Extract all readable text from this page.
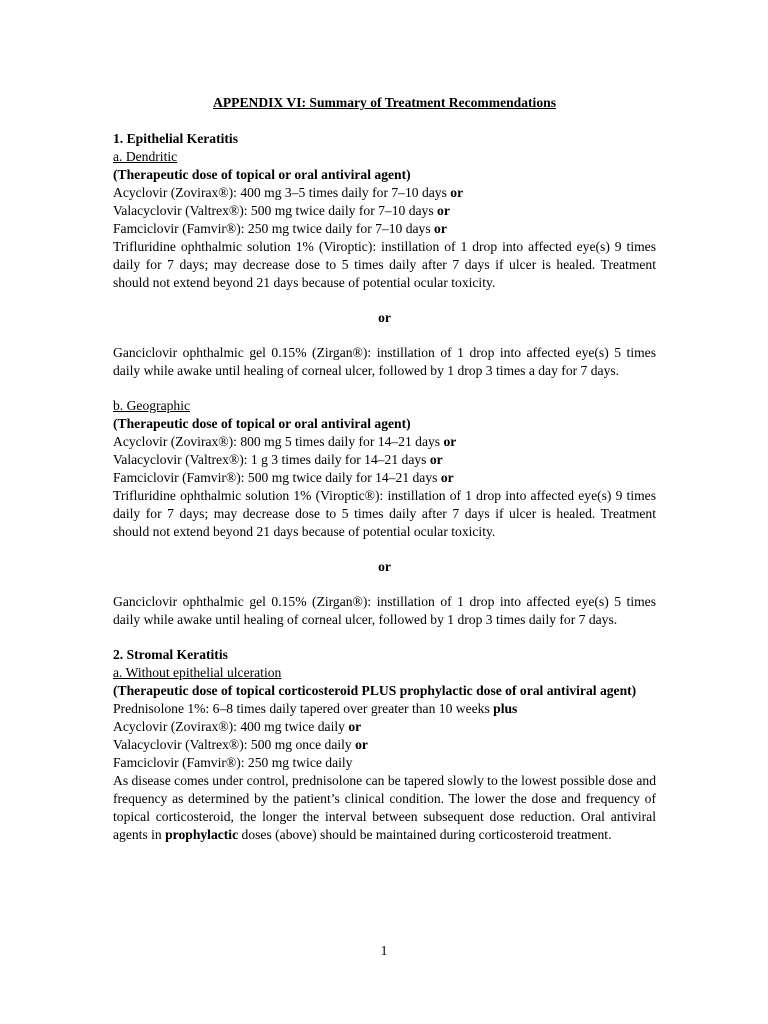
APPENDIX VI: Summary of Treatment Recommendations

1. Epithelial Keratitis

a. Dendritic

(Therapeutic dose of topical or oral antiviral agent)

Acyclovir (Zovirax®): 400 mg 3–5 times daily for 7–10 days or

Valacyclovir (Valtrex®): 500 mg twice daily for 7–10 days or

Famciclovir (Famvir®): 250 mg twice daily for 7–10 days or

Trifluridine ophthalmic solution 1% (Viroptic): instillation of 1 drop into affected eye(s) 9 times daily for 7 days; may decrease dose to 5 times daily after 7 days if ulcer is healed. Treatment should not extend beyond 21 days because of potential ocular toxicity.

or

Ganciclovir ophthalmic gel 0.15% (Zirgan®): instillation of 1 drop into affected eye(s) 5 times daily while awake until healing of corneal ulcer, followed by 1 drop 3 times a day for 7 days.

b. Geographic

(Therapeutic dose of topical or oral antiviral agent)

Acyclovir (Zovirax®): 800 mg 5 times daily for 14–21 days or

Valacyclovir (Valtrex®): 1 g 3 times daily for 14–21 days or

Famciclovir (Famvir®): 500 mg twice daily for 14–21 days or

Trifluridine ophthalmic solution 1% (Viroptic®): instillation of 1 drop into affected eye(s) 9 times daily for 7 days; may decrease dose to 5 times daily after 7 days if ulcer is healed. Treatment should not extend beyond 21 days because of potential ocular toxicity.

or

Ganciclovir ophthalmic gel 0.15% (Zirgan®): instillation of 1 drop into affected eye(s) 5 times daily while awake until healing of corneal ulcer, followed by 1 drop 3 times daily for 7 days.

2. Stromal Keratitis

a. Without epithelial ulceration

(Therapeutic dose of topical corticosteroid PLUS prophylactic dose of oral antiviral agent)

Prednisolone 1%: 6–8 times daily tapered over greater than 10 weeks plus

Acyclovir (Zovirax®): 400 mg twice daily or

Valacyclovir (Valtrex®): 500 mg once daily or

Famciclovir (Famvir®): 250 mg twice daily

As disease comes under control, prednisolone can be tapered slowly to the lowest possible dose and frequency as determined by the patient’s clinical condition. The lower the dose and frequency of topical corticosteroid, the longer the interval between subsequent dose reduction. Oral antiviral agents in prophylactic doses (above) should be maintained during corticosteroid treatment.

1
